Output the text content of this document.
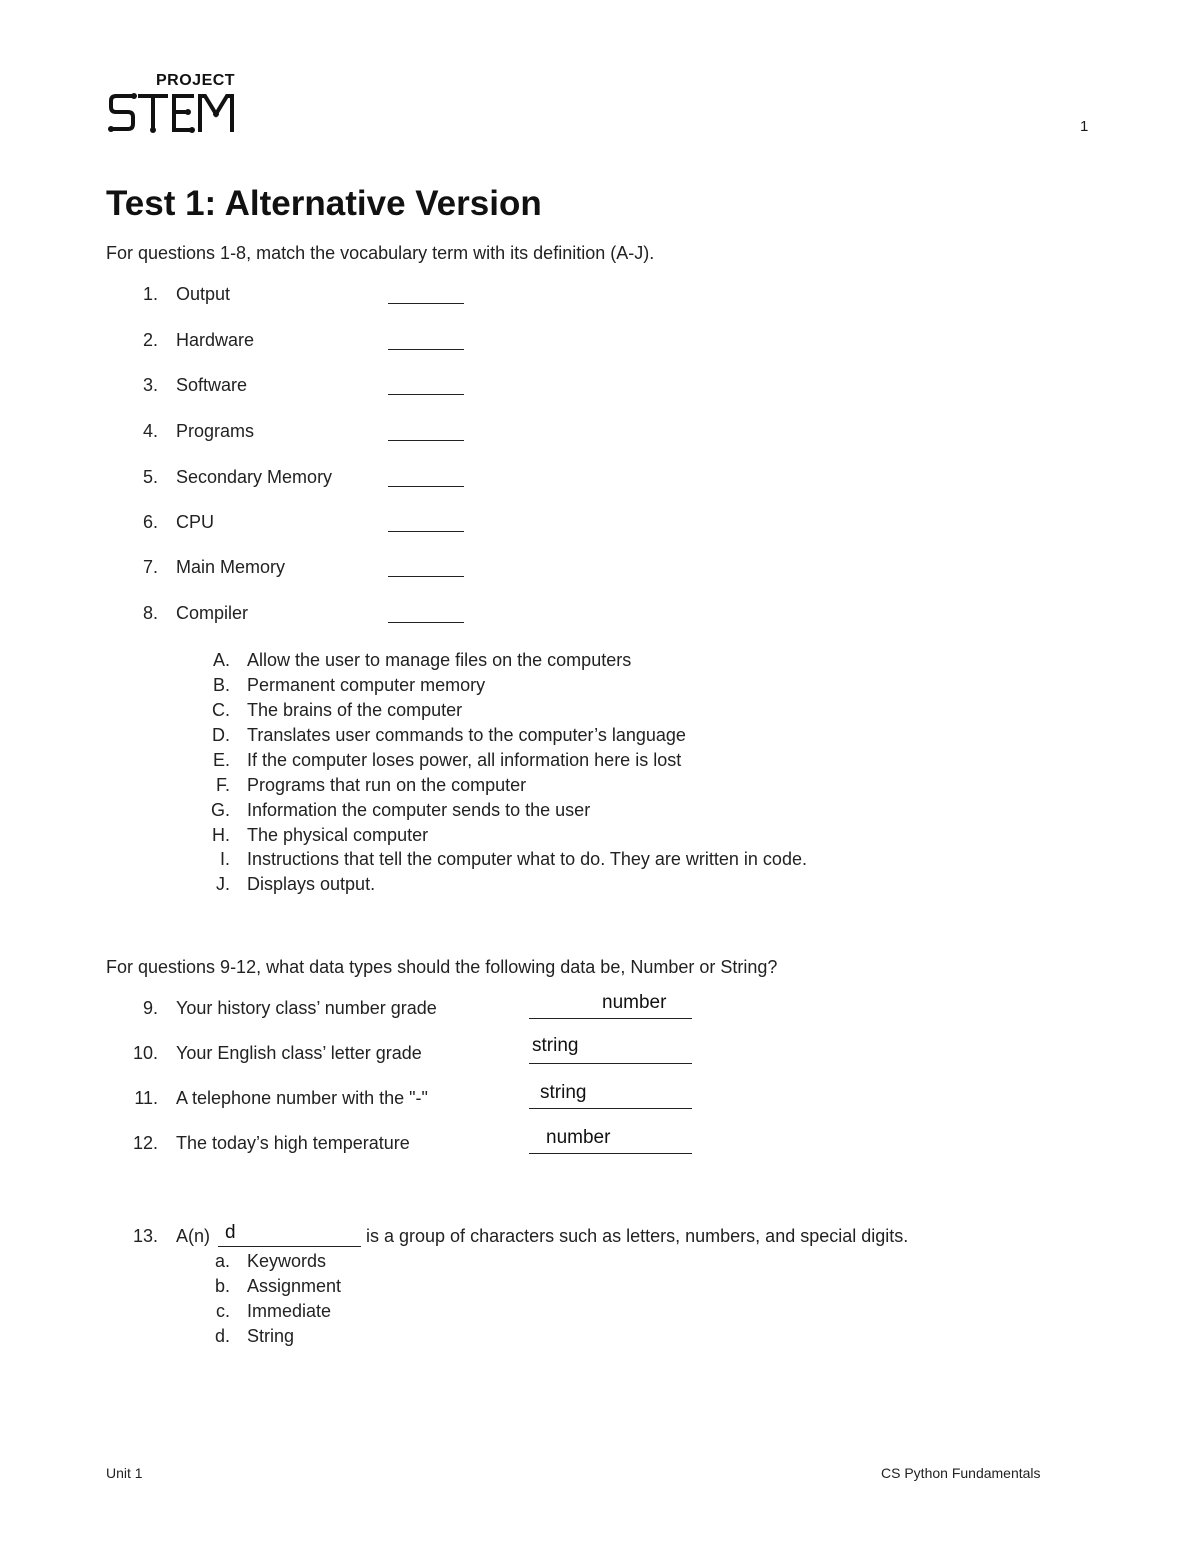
PROJECT
1
Test 1: Alternative Version
For questions 1-8, match the vocabulary term with its definition (A-J).
1. Output
2. Hardware
3. Software
4. Programs
5. Secondary Memory
6. CPU
7. Main Memory
8. Compiler
A. Allow the user to manage files on the computers
B. Permanent computer memory
C. The brains of the computer
D. Translates user commands to the computer’s language
E. If the computer loses power, all information here is lost
F. Programs that run on the computer
G. Information the computer sends to the user
H. The physical computer
I. Instructions that tell the computer what to do. They are written in code.
J. Displays output.
For questions 9-12, what data types should the following data be, Number or String?
9. Your history class’ number grade	number
10. Your English class’ letter grade	string
11. A telephone number with the "-"	string
12. The today’s high temperature	number
13. A(n) d	is a group of characters such as letters, numbers, and special digits.
a. Keywords
b. Assignment
c. Immediate
d. String
Unit 1	CS Python Fundamentals
